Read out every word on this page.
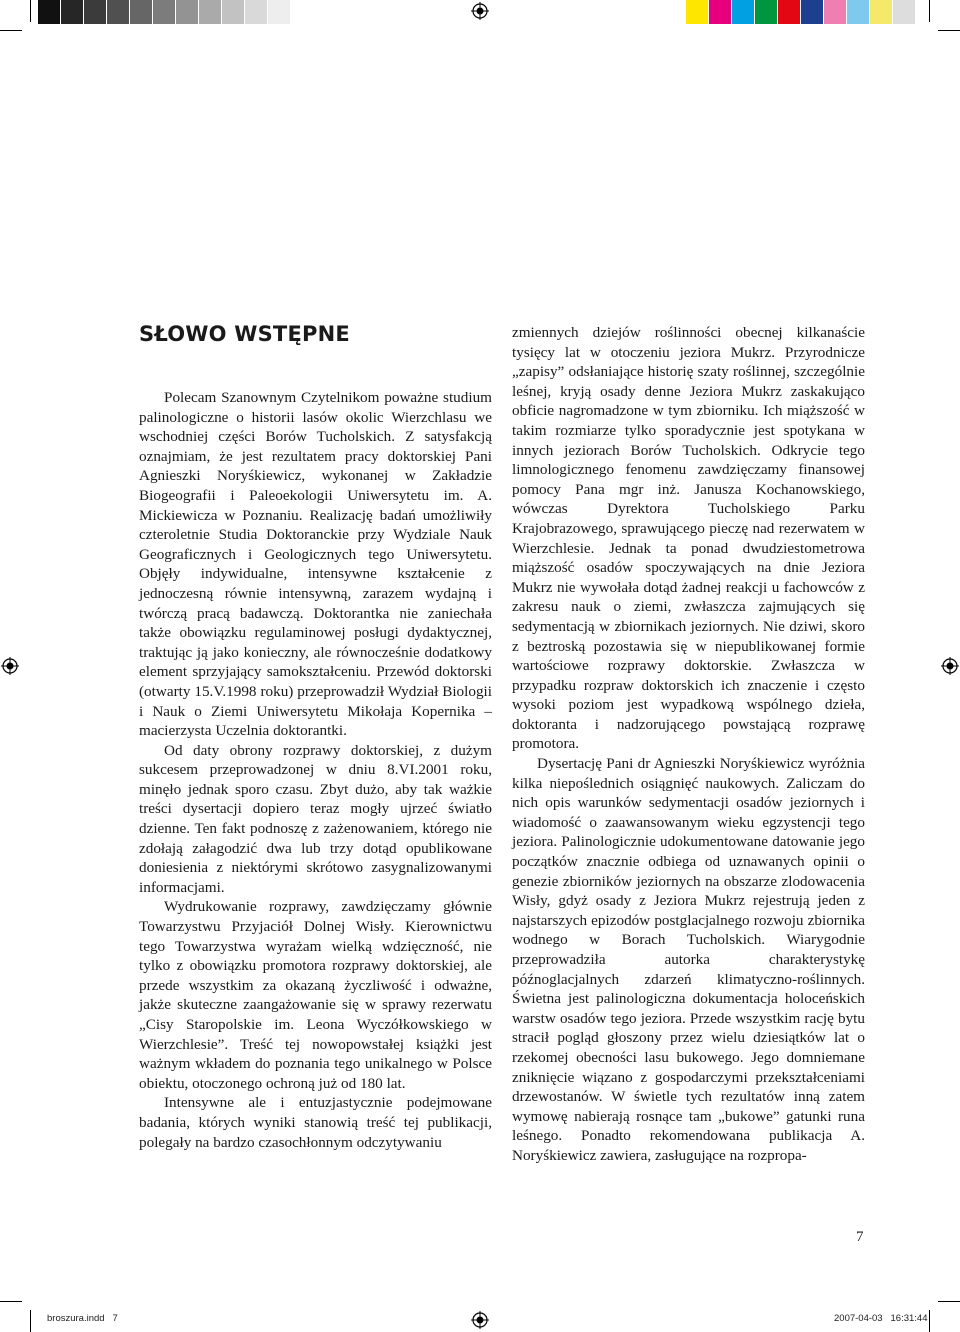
SŁOWO WSTĘPNE

Polecam Szanownym Czytelnikom poważne studium palinologiczne o historii lasów okolic Wierzchlasu we wschodniej części Borów Tucholskich. Z satysfakcją oznajmiam, że jest rezultatem pracy doktorskiej Pani Agnieszki Noryśkiewicz, wykonanej w Zakładzie Biogeografii i Paleoekologii Uniwersytetu im. A. Mickiewicza w Poznaniu. Realizację badań umożliwiły czteroletnie Studia Doktoranckie przy Wydziale Nauk Geograficznych i Geologicznych tego Uniwersytetu. Objęły indywidualne, intensywne kształcenie z jednoczesną równie intensywną, zarazem wydajną i twórczą pracą badawczą. Doktorantka nie zaniechała także obowiązku regulaminowej posługi dydaktycznej, traktując ją jako konieczny, ale równocześnie dodatkowy element sprzyjający samokształceniu. Przewód doktorski (otwarty 15.V.1998 roku) przeprowadził Wydział Biologii i Nauk o Ziemi Uniwersytetu Mikołaja Kopernika – macierzysta Uczelnia doktorantki.

Od daty obrony rozprawy doktorskiej, z dużym sukcesem przeprowadzonej w dniu 8.VI.2001 roku, minęło jednak sporo czasu. Zbyt dużo, aby tak ważkie treści dysertacji dopiero teraz mogły ujrzeć światło dzienne. Ten fakt podnoszę z zażenowaniem, którego nie zdołają załagodzić dwa lub trzy dotąd opublikowane doniesienia z niektórymi skrótowo zasygnalizowanymi informacjami.

Wydrukowanie rozprawy, zawdzięczamy głównie Towarzystwu Przyjaciół Dolnej Wisły. Kierownictwu tego Towarzystwa wyrażam wielką wdzięczność, nie tylko z obowiązku promotora rozprawy doktorskiej, ale przede wszystkim za okazaną życzliwość i odważne, jakże skuteczne zaangażowanie się w sprawy rezerwatu „Cisy Staropolskie im. Leona Wyczółkowskiego w Wierzchlesie”. Treść tej nowopowstałej książki jest ważnym wkładem do poznania tego unikalnego w Polsce obiektu, otoczonego ochroną już od 180 lat.

Intensywne ale i entuzjastycznie podejmowane badania, których wyniki stanowią treść tej publikacji, polegały na bardzo czasochłonnym odczytywaniu

zmiennych dziejów roślinności obecnej kilkanaście tysięcy lat w otoczeniu jeziora Mukrz. Przyrodnicze „zapisy” odsłaniające historię szaty roślinnej, szczególnie leśnej, kryją osady denne Jeziora Mukrz zaskakująco obficie nagromadzone w tym zbiorniku. Ich miąższość w takim rozmiarze tylko sporadycznie jest spotykana w innych jeziorach Borów Tucholskich. Odkrycie tego limnologicznego fenomenu zawdzięczamy finansowej pomocy Pana mgr inż. Janusza Kochanowskiego, wówczas Dyrektora Tucholskiego Parku Krajobrazowego, sprawującego pieczę nad rezerwatem w Wierzchlesie. Jednak ta ponad dwudziestometrowa miąższość osadów spoczywających na dnie Jeziora Mukrz nie wywołała dotąd żadnej reakcji u fachowców z zakresu nauk o ziemi, zwłaszcza zajmujących się sedymentacją w zbiornikach jeziornych. Nie dziwi, skoro z beztroską pozostawia się w niepublikowanej formie wartościowe rozprawy doktorskie. Zwłaszcza w przypadku rozpraw doktorskich ich znaczenie i często wysoki poziom jest wypadkową wspólnego dzieła, doktoranta i nadzorującego powstającą rozprawę promotora.

Dysertację Pani dr Agnieszki Noryśkiewicz wyróżnia kilka niepoślednich osiągnięć naukowych. Zaliczam do nich opis warunków sedymentacji osadów jeziornych i wiadomość o zaawansowanym wieku egzystencji tego jeziora. Palinologicznie udokumentowane datowanie jego początków znacznie odbiega od uznawanych opinii o genezie zbiorników jeziornych na obszarze zlodowacenia Wisły, gdyż osady z Jeziora Mukrz rejestrują jeden z najstarszych epizodów postglacjalnego rozwoju zbiornika wodnego w Borach Tucholskich. Wiarygodnie przeprowadziła autorka charakterystykę późnoglacjalnych zdarzeń klimatyczno-roślinnych. Świetna jest palinologiczna dokumentacja holoceńskich warstw osadów tego jeziora. Przede wszystkim rację bytu stracił pogląd głoszony przez wielu dziesiątków lat o rzekomej obecności lasu bukowego. Jego domniemane zniknięcie wiązano z gospodarczymi przekształceniami drzewostanów. W świetle tych rezultatów inną zatem wymowę nabierają rosnące tam „bukowe” gatunki runa leśnego. Ponadto rekomendowana publikacja A. Noryśkiewicz zawiera, zasługujące na rozpropa-

7
broszura.indd   7	2007-04-03   16:31:44
